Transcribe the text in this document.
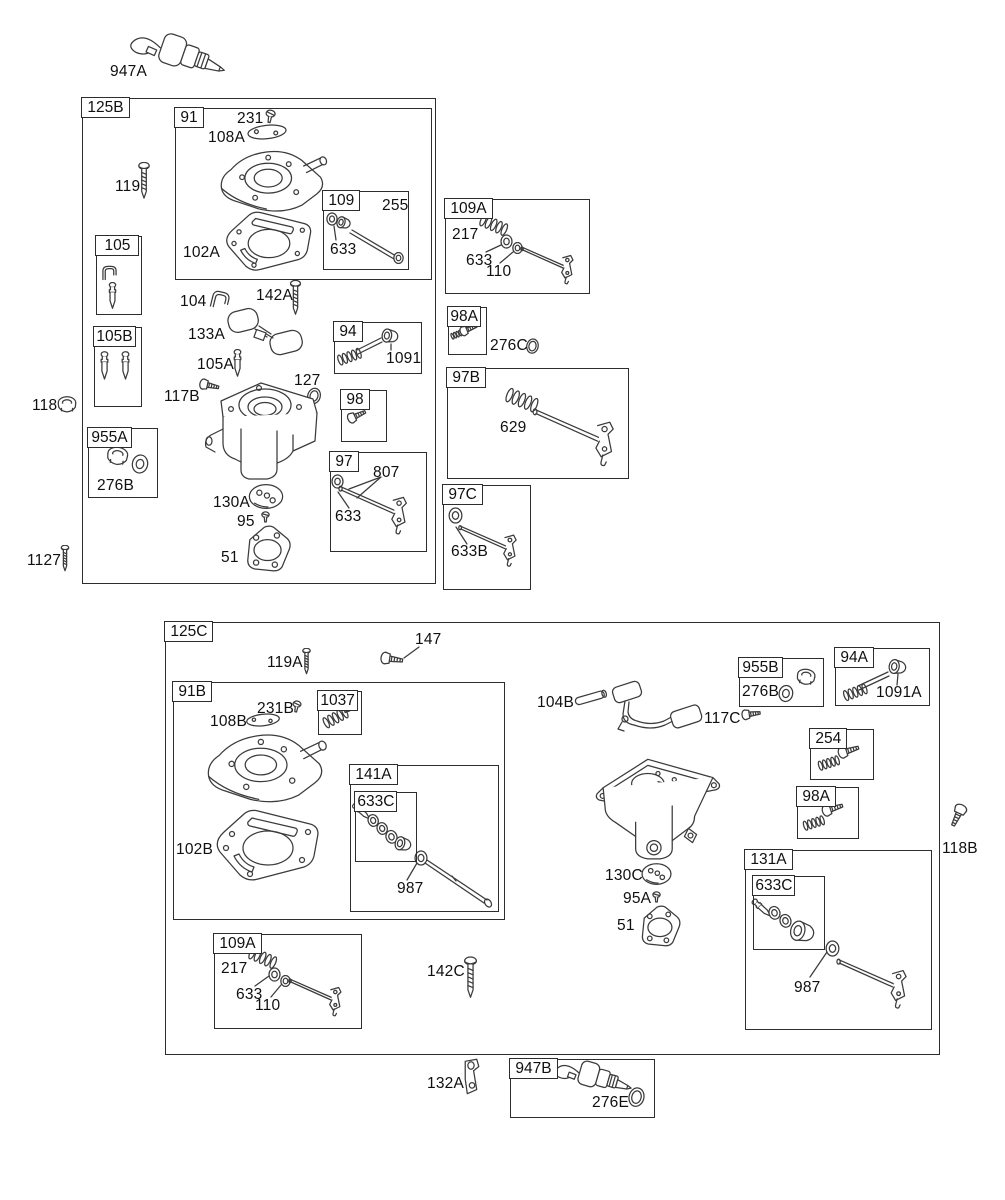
125B
91
109
105
105B	94
98
955A
97
109A
98A
97B
97C
125C
91B
1037
141A
633C
955B
94A
254
98A
131A
633C
109A
947B
947A
231
108A
119
255
633
102A
104	142A
133A
105A
117B
127
1091
276B
807
633
130A
95
51
118
1127
217
633
110
276C
629
633B
119A
147
231B
108B
102B
987
104B
117C
276B	1091A
130C
95A
51
987
217
633
110
142C
118B
132A
276E
